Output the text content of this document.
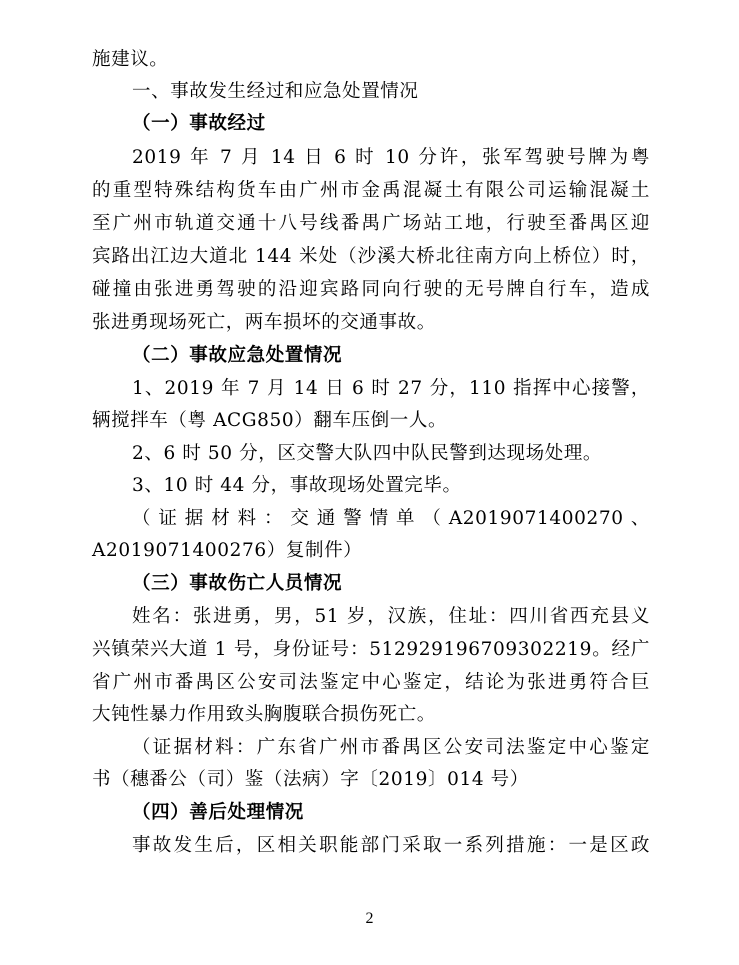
施建议。
一、事故发生经过和应急处置情况
（一）事故经过
2019 年 7 月 14 日 6 时 10 分许，张军驾驶号牌为粤
的重型特殊结构货车由广州市金禹混凝土有限公司运输混凝土
至广州市轨道交通十八号线番禺广场站工地，行驶至番禺区迎
宾路出江边大道北 144 米处（沙溪大桥北往南方向上桥位）时，
碰撞由张进勇驾驶的沿迎宾路同向行驶的无号牌自行车，造成
张进勇现场死亡，两车损坏的交通事故。
（二）事故应急处置情况
1、2019 年 7 月 14 日 6 时 27 分，110 指挥中心接警，
辆搅拌车（粤 ACG850）翻车压倒一人。
2、6 时 50 分，区交警大队四中队民警到达现场处理。
3、10 时 44 分，事故现场处置完毕。
（证据材料：交通警情单（A2019071400270、
A2019071400276）复制件）
（三）事故伤亡人员情况
姓名：张进勇，男，51 岁，汉族，住址：四川省西充县义
兴镇荣兴大道 1 号，身份证号：512929196709302219。经广
省广州市番禺区公安司法鉴定中心鉴定，结论为张进勇符合巨
大钝性暴力作用致头胸腹联合损伤死亡。
（证据材料：广东省广州市番禺区公安司法鉴定中心鉴定
书（穗番公（司）鉴（法病）字〔2019〕014 号）
（四）善后处理情况
事故发生后，区相关职能部门采取一系列措施：一是区政
2
